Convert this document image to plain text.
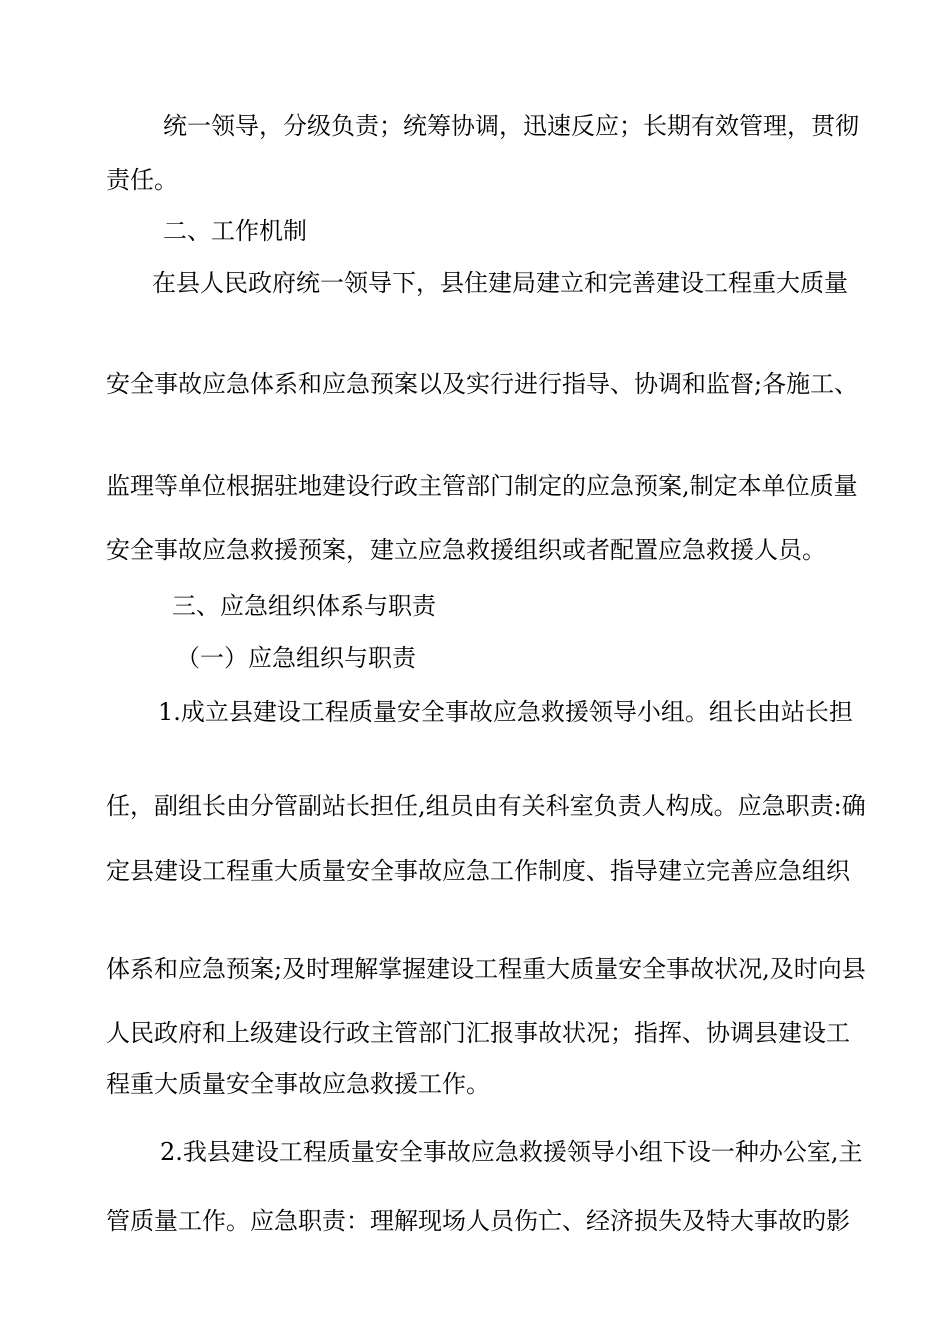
统一领导，分级负责；统筹协调，迅速反应；长期有效管理，贯彻
责任。
二、工作机制
在县人民政府统一领导下，县住建局建立和完善建设工程重大质量
安全事故应急体系和应急预案以及实行进行指导、协调和监督;各施工、
监理等单位根据驻地建设行政主管部门制定的应急预案,制定本单位质量
安全事故应急救援预案，建立应急救援组织或者配置应急救援人员。
三、应急组织体系与职责
（一）应急组织与职责
1.成立县建设工程质量安全事故应急救援领导小组。组长由站长担
任，副组长由分管副站长担任,组员由有关科室负责人构成。应急职责:确
定县建设工程重大质量安全事故应急工作制度、指导建立完善应急组织
体系和应急预案;及时理解掌握建设工程重大质量安全事故状况,及时向县
人民政府和上级建设行政主管部门汇报事故状况；指挥、协调县建设工
程重大质量安全事故应急救援工作。
2.我县建设工程质量安全事故应急救援领导小组下设一种办公室,主
管质量工作。应急职责：理解现场人员伤亡、经济损失及特大事故旳影
